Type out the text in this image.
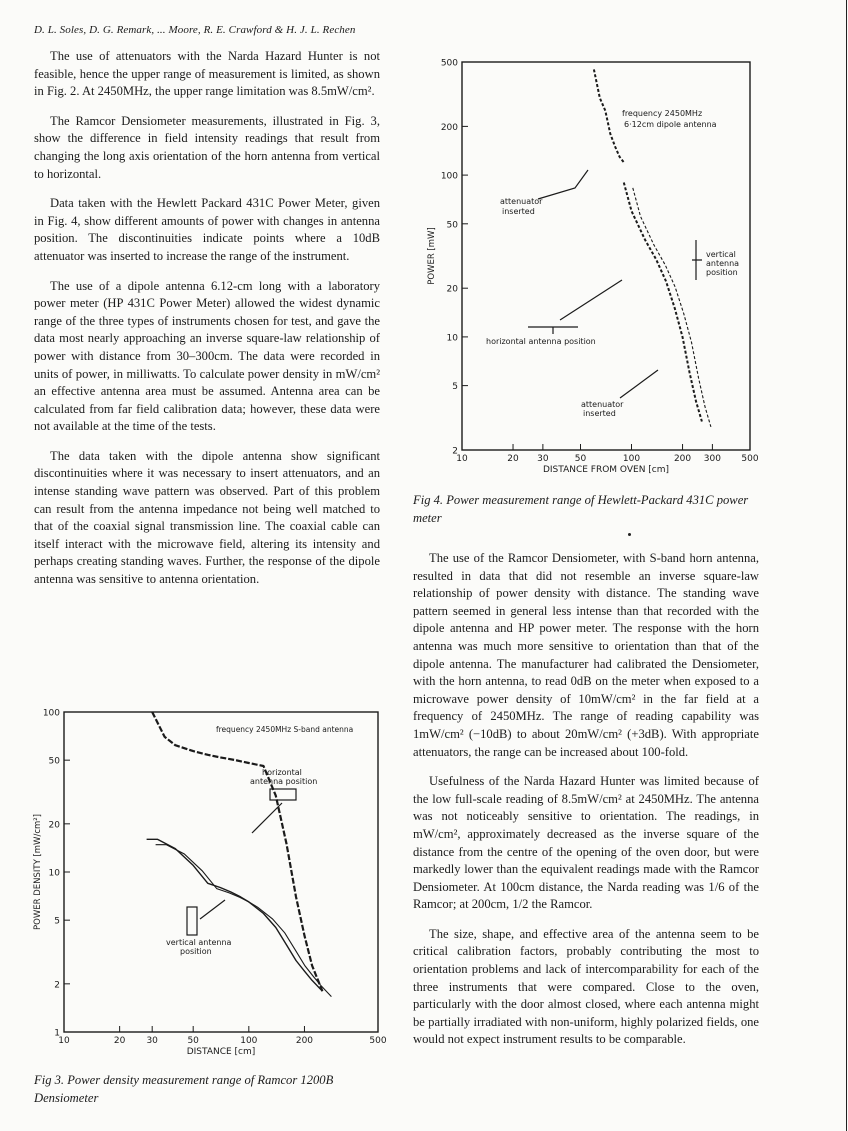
D. L. Soles, D. G. Remark, ... Moore, R. E. Crawford & H. J. L. Rechen

The use of attenuators with the Narda Hazard Hunter is not feasible, hence the upper range of measurement is limited, as shown in Fig. 2. At 2450MHz, the upper range limitation was 8.5mW/cm².

The Ramcor Densiometer measurements, illustrated in Fig. 3, show the difference in field intensity readings that result from changing the long axis orientation of the horn antenna from vertical to horizontal.

Data taken with the Hewlett Packard 431C Power Meter, given in Fig. 4, show different amounts of power with changes in antenna position. The discontinuities indicate points where a 10dB attenuator was inserted to increase the range of the instrument.

The use of a dipole antenna 6.12-cm long with a laboratory power meter (HP 431C Power Meter) allowed the widest dynamic range of the three types of instruments chosen for test, and gave the data most nearly approaching an inverse square-law relationship of power with distance from 30–300cm. The data were recorded in units of power, in milliwatts. To calculate power density in mW/cm² an effective antenna area must be assumed. Antenna area can be calculated from far field calibration data; however, these data were not available at the time of the tests.

The data taken with the dipole antenna show significant discontinuities where it was necessary to insert attenuators, and an intense standing wave pattern was observed. Part of this problem can result from the antenna impedance not being well matched to that of the coaxial signal transmission line. The coaxial cable can itself interact with the microwave field, altering its intensity and perhaps creating standing waves. Further, the response of the dipole antenna was sensitive to antenna orientation.

The use of the Ramcor Densiometer, with S-band horn antenna, resulted in data that did not resemble an inverse square-law relationship of power density with distance. The standing wave pattern seemed in general less intense than that recorded with the dipole antenna and HP power meter. The response with the horn antenna was much more sensitive to orientation than that of the dipole antenna. The manufacturer had calibrated the Densiometer, with the horn antenna, to read 0dB on the meter when exposed to a microwave power density of 10mW/cm² in the far field at a frequency of 2450MHz. The range of reading capability was 1mW/cm² (−10dB) to about 20mW/cm² (+3dB). With appropriate attenuators, the range can be increased about 100-fold.

Usefulness of the Narda Hazard Hunter was limited because of the low full-scale reading of 8.5mW/cm² at 2450MHz. The antenna was not noticeably sensitive to orientation. The readings, in mW/cm², approximately decreased as the inverse square of the distance from the centre of the opening of the oven door, but were markedly lower than the equivalent readings made with the Ramcor Densiometer. At 100cm distance, the Narda reading was 1/6 of the Ramcor; at 200cm, 1/2 the Ramcor.

The size, shape, and effective area of the antenna seem to be critical calibration factors, probably contributing the most to orientation problems and lack of intercomparability for each of the three instruments that were compared. Close to the oven, particularly with the door almost closed, where each antenna might be partially irradiated with non-uniform, highly polarized fields, one would not expect instrument results to be comparable.

500
200
100
50
20
10
5
2
10	20 30	50	100	200 300 500
DISTANCE FROM OVEN [cm]
POWER [mW]
frequency 2450MHz
6·12cm dipole antenna
attenuator
inserted
vertical
antenna
position
horizontal antenna position
attenuator
inserted
Fig 4. Power measurement range of Hewlett-Packard 431C power meter
100
50
20
10
5
2
1
10	20 30	50	100	200	500
DISTANCE [cm]
POWER DENSITY [mW/cm²]
frequency 2450MHz S-band antenna
horizontal
antenna position
vertical antenna
position
Fig 3. Power density measurement range of Ramcor 1200B Densiometer
